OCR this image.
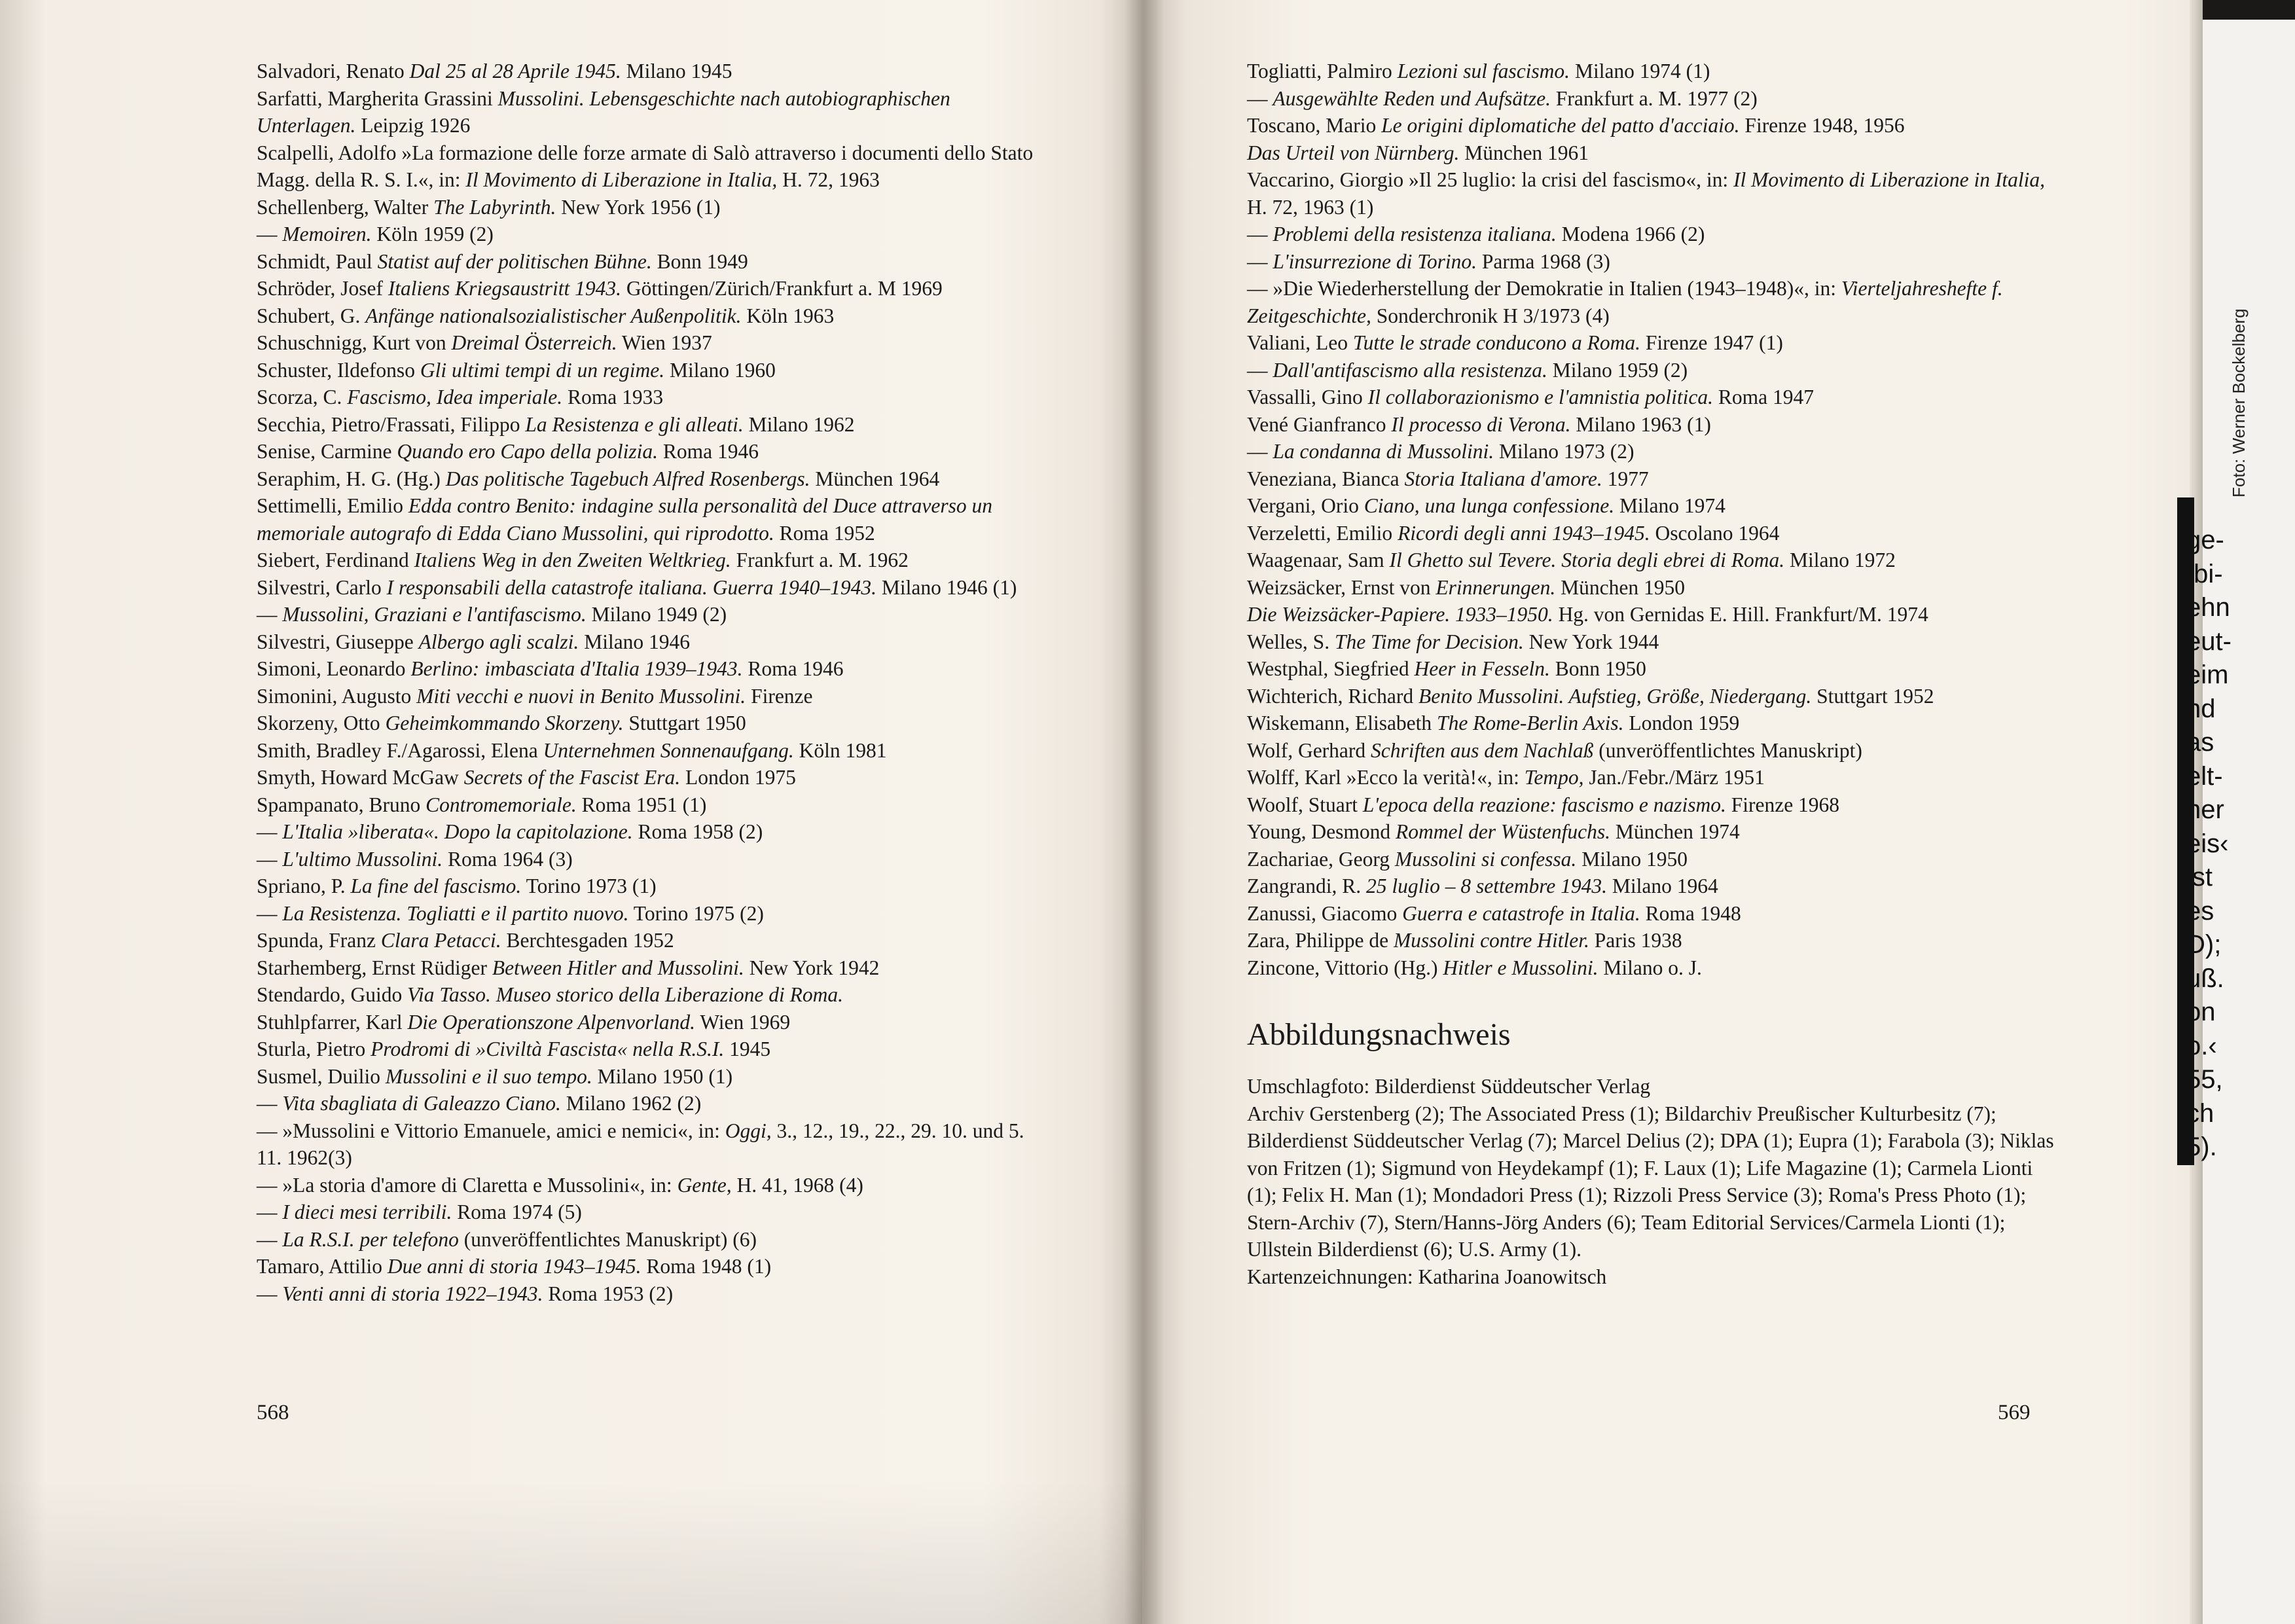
Salvadori, Renato Dal 25 al 28 Aprile 1945. Milano 1945

Sarfatti, Margherita Grassini Mussolini. Lebensgeschichte nach autobiographischen Unterlagen. Leipzig 1926

Scalpelli, Adolfo »La formazione delle forze armate di Salò attraverso i documenti dello Stato Magg. della R. S. I.«, in: Il Movimento di Liberazione in Italia, H. 72, 1963

Schellenberg, Walter The Labyrinth. New York 1956 (1)

— Memoiren. Köln 1959 (2)

Schmidt, Paul Statist auf der politischen Bühne. Bonn 1949

Schröder, Josef Italiens Kriegsaustritt 1943. Göttingen/Zürich/Frankfurt a. M 1969

Schubert, G. Anfänge nationalsozialistischer Außenpolitik. Köln 1963

Schuschnigg, Kurt von Dreimal Österreich. Wien 1937

Schuster, Ildefonso Gli ultimi tempi di un regime. Milano 1960

Scorza, C. Fascismo, Idea imperiale. Roma 1933

Secchia, Pietro/Frassati, Filippo La Resistenza e gli alleati. Milano 1962

Senise, Carmine Quando ero Capo della polizia. Roma 1946

Seraphim, H. G. (Hg.) Das politische Tagebuch Alfred Rosenbergs. München 1964

Settimelli, Emilio Edda contro Benito: indagine sulla personalità del Duce attraverso un memoriale autografo di Edda Ciano Mussolini, qui riprodotto. Roma 1952

Siebert, Ferdinand Italiens Weg in den Zweiten Weltkrieg. Frankfurt a. M. 1962

Silvestri, Carlo I responsabili della catastrofe italiana. Guerra 1940–1943. Milano 1946 (1)

— Mussolini, Graziani e l'antifascismo. Milano 1949 (2)

Silvestri, Giuseppe Albergo agli scalzi. Milano 1946

Simoni, Leonardo Berlino: imbasciata d'Italia 1939–1943. Roma 1946

Simonini, Augusto Miti vecchi e nuovi in Benito Mussolini. Firenze

Skorzeny, Otto Geheimkommando Skorzeny. Stuttgart 1950

Smith, Bradley F./Agarossi, Elena Unternehmen Sonnenaufgang. Köln 1981

Smyth, Howard McGaw Secrets of the Fascist Era. London 1975

Spampanato, Bruno Contromemoriale. Roma 1951 (1)

— L'Italia »liberata«. Dopo la capitolazione. Roma 1958 (2)

— L'ultimo Mussolini. Roma 1964 (3)

Spriano, P. La fine del fascismo. Torino 1973 (1)

— La Resistenza. Togliatti e il partito nuovo. Torino 1975 (2)

Spunda, Franz Clara Petacci. Berchtesgaden 1952

Starhemberg, Ernst Rüdiger Between Hitler and Mussolini. New York 1942

Stendardo, Guido Via Tasso. Museo storico della Liberazione di Roma.

Stuhlpfarrer, Karl Die Operationszone Alpenvorland. Wien 1969

Sturla, Pietro Prodromi di »Civiltà Fascista« nella R.S.I. 1945

Susmel, Duilio Mussolini e il suo tempo. Milano 1950 (1)

— Vita sbagliata di Galeazzo Ciano. Milano 1962 (2)

— »Mussolini e Vittorio Emanuele, amici e nemici«, in: Oggi, 3., 12., 19., 22., 29. 10. und 5. 11. 1962(3)

— »La storia d'amore di Claretta e Mussolini«, in: Gente, H. 41, 1968 (4)

— I dieci mesi terribili. Roma 1974 (5)

— La R.S.I. per telefono (unveröffentlichtes Manuskript) (6)

Tamaro, Attilio Due anni di storia 1943–1945. Roma 1948 (1)

— Venti anni di storia 1922–1943. Roma 1953 (2)

568

Togliatti, Palmiro Lezioni sul fascismo. Milano 1974 (1)

— Ausgewählte Reden und Aufsätze. Frankfurt a. M. 1977 (2)

Toscano, Mario Le origini diplomatiche del patto d'acciaio. Firenze 1948, 1956

Das Urteil von Nürnberg. München 1961

Vaccarino, Giorgio »Il 25 luglio: la crisi del fascismo«, in: Il Movimento di Liberazione in Italia, H. 72, 1963 (1)

— Problemi della resistenza italiana. Modena 1966 (2)

— L'insurrezione di Torino. Parma 1968 (3)

— »Die Wiederherstellung der Demokratie in Italien (1943–1948)«, in: Vierteljahreshefte f. Zeitgeschichte, Sonderchronik H 3/1973 (4)

Valiani, Leo Tutte le strade conducono a Roma. Firenze 1947 (1)

— Dall'antifascismo alla resistenza. Milano 1959 (2)

Vassalli, Gino Il collaborazionismo e l'amnistia politica. Roma 1947

Vené Gianfranco Il processo di Verona. Milano 1963 (1)

— La condanna di Mussolini. Milano 1973 (2)

Veneziana, Bianca Storia Italiana d'amore. 1977

Vergani, Orio Ciano, una lunga confessione. Milano 1974

Verzeletti, Emilio Ricordi degli anni 1943–1945. Oscolano 1964

Waagenaar, Sam Il Ghetto sul Tevere. Storia degli ebrei di Roma. Milano 1972

Weizsäcker, Ernst von Erinnerungen. München 1950

Die Weizsäcker-Papiere. 1933–1950. Hg. von Gernidas E. Hill. Frankfurt/M. 1974

Welles, S. The Time for Decision. New York 1944

Westphal, Siegfried Heer in Fesseln. Bonn 1950

Wichterich, Richard Benito Mussolini. Aufstieg, Größe, Niedergang. Stuttgart 1952

Wiskemann, Elisabeth The Rome-Berlin Axis. London 1959

Wolf, Gerhard Schriften aus dem Nachlaß (unveröffentlichtes Manuskript)

Wolff, Karl »Ecco la verità!«, in: Tempo, Jan./Febr./März 1951

Woolf, Stuart L'epoca della reazione: fascismo e nazismo. Firenze 1968

Young, Desmond Rommel der Wüstenfuchs. München 1974

Zachariae, Georg Mussolini si confessa. Milano 1950

Zangrandi, R. 25 luglio – 8 settembre 1943. Milano 1964

Zanussi, Giacomo Guerra e catastrofe in Italia. Roma 1948

Zara, Philippe de Mussolini contre Hitler. Paris 1938

Zincone, Vittorio (Hg.) Hitler e Mussolini. Milano o. J.

Abbildungsnachweis

Umschlagfoto: Bilderdienst Süddeutscher Verlag

Archiv Gerstenberg (2); The Associated Press (1); Bildarchiv Preußischer Kulturbesitz (7); Bilderdienst Süddeutscher Verlag (7); Marcel Delius (2); DPA (1); Eupra (1); Farabola (3); Niklas von Fritzen (1); Sigmund von Heydekampf (1); F. Laux (1); Life Magazine (1); Carmela Lionti (1); Felix H. Man (1); Mondadori Press (1); Rizzoli Press Service (3); Roma's Press Photo (1); Stern-Archiv (7), Stern/Hanns-Jörg Anders (6); Team Editorial Services/Carmela Lionti (1); Ullstein Bilderdienst (6); U.S. Army (1).

Kartenzeichnungen: Katharina Joanowitsch

569
Foto: Werner Bockelberg
ge-
\bi-
ehn
eut-
eim
nd
as
elt-
ner
eis‹
ist
es
D);
uß.
on
o.‹
55,
ch
5).
